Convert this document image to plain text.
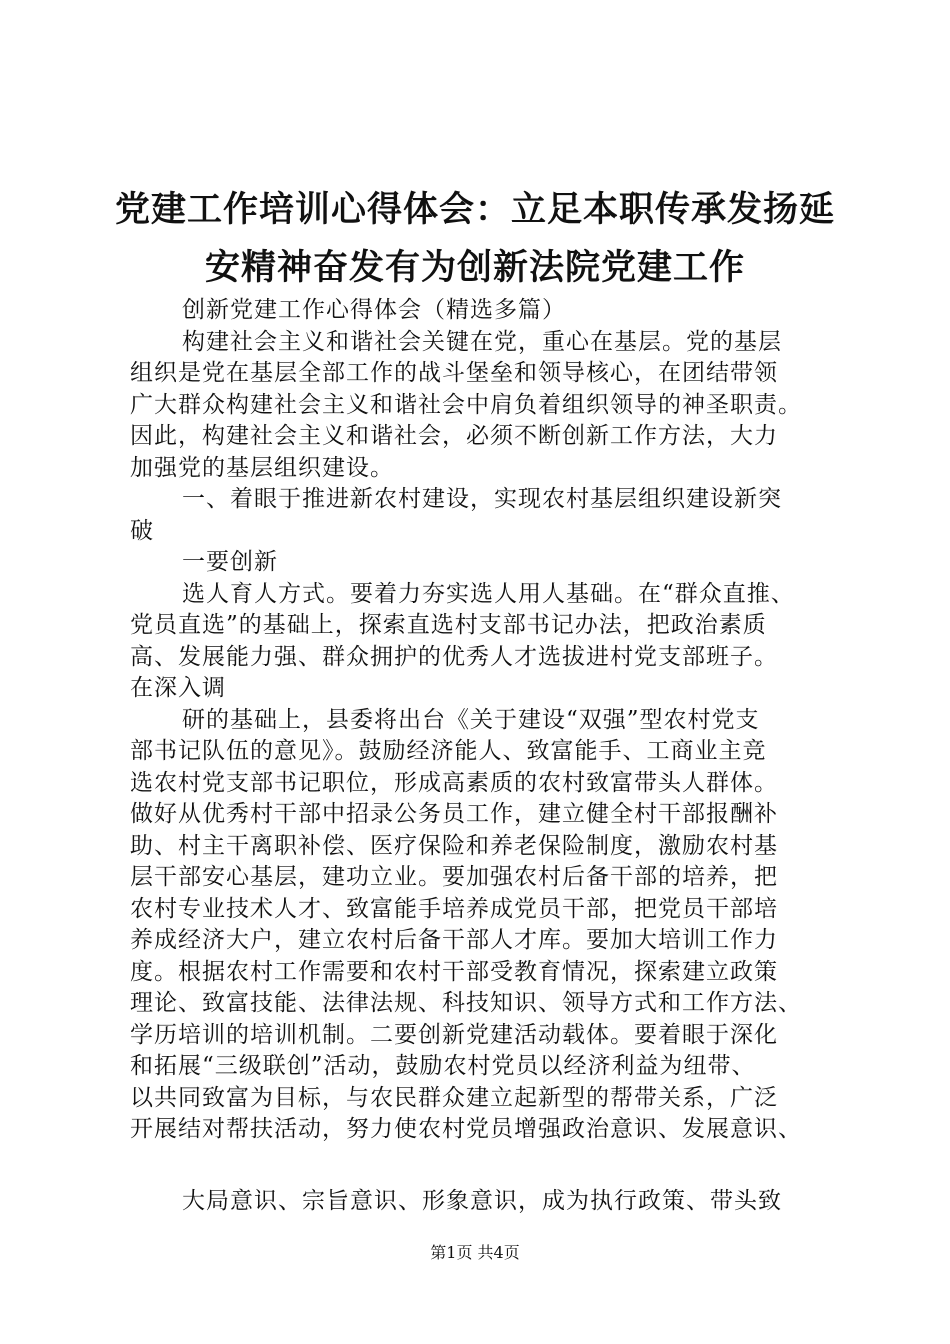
党建工作培训心得体会：立足本职传承发扬延
安精神奋发有为创新法院党建工作
创新党建工作心得体会（精选多篇）
构建社会主义和谐社会关键在党，重心在基层。党的基层
组织是党在基层全部工作的战斗堡垒和领导核心，在团结带领
广大群众构建社会主义和谐社会中肩负着组织领导的神圣职责。
因此，构建社会主义和谐社会，必须不断创新工作方法，大力
加强党的基层组织建设。
一、着眼于推进新农村建设，实现农村基层组织建设新突
破
一要创新
选人育人方式。要着力夯实选人用人基础。在“群众直推、
党员直选”的基础上，探索直选村支部书记办法，把政治素质
高、发展能力强、群众拥护的优秀人才选拔进村党支部班子。
在深入调
研的基础上，县委将出台《关于建设“双强”型农村党支
部书记队伍的意见》。鼓励经济能人、致富能手、工商业主竞
选农村党支部书记职位，形成高素质的农村致富带头人群体。
做好从优秀村干部中招录公务员工作，建立健全村干部报酬补
助、村主干离职补偿、医疗保险和养老保险制度，激励农村基
层干部安心基层，建功立业。要加强农村后备干部的培养，把
农村专业技术人才、致富能手培养成党员干部，把党员干部培
养成经济大户，建立农村后备干部人才库。要加大培训工作力
度。根据农村工作需要和农村干部受教育情况，探索建立政策
理论、致富技能、法律法规、科技知识、领导方式和工作方法、
学历培训的培训机制。二要创新党建活动载体。要着眼于深化
和拓展“三级联创”活动，鼓励农村党员以经济利益为纽带、
以共同致富为目标，与农民群众建立起新型的帮带关系，广泛
开展结对帮扶活动，努力使农村党员增强政治意识、发展意识、
大局意识、宗旨意识、形象意识，成为执行政策、带头致
第1页 共4页
